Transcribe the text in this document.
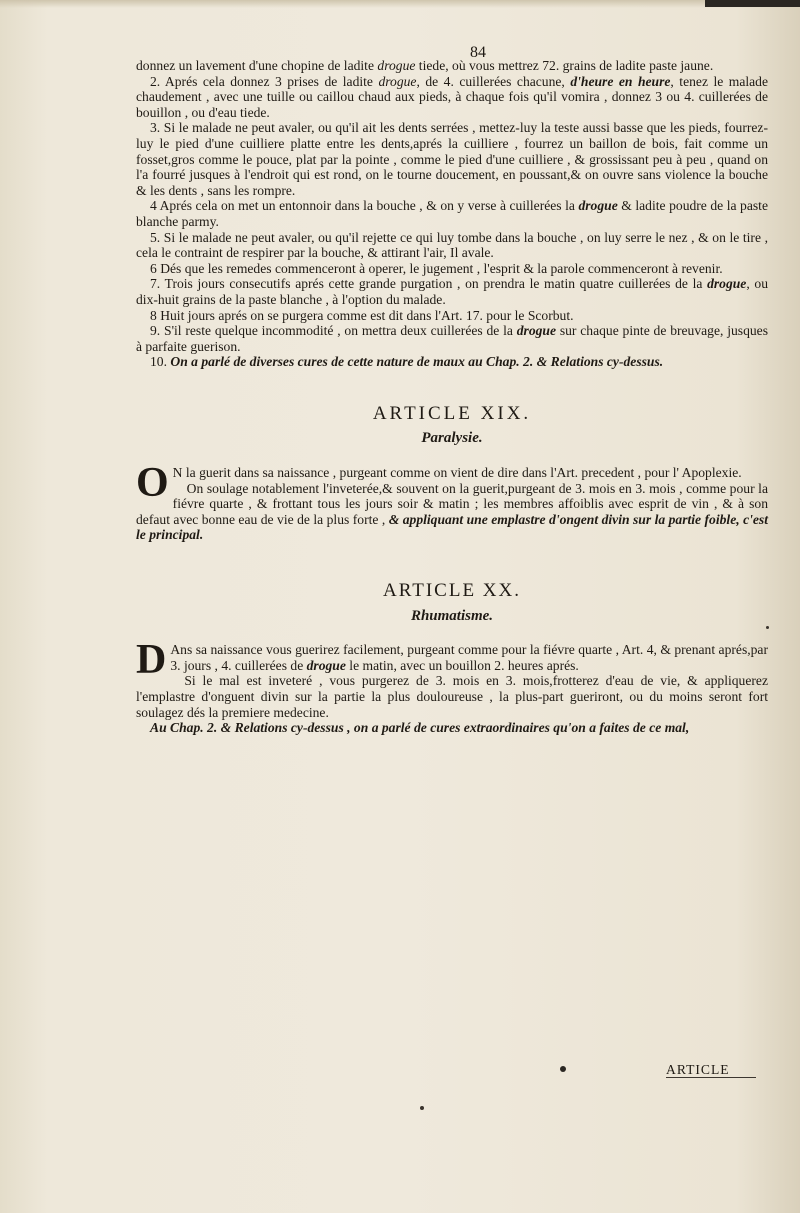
84

donnez un lavement d'une chopine de ladite drogue tiede, où vous mettrez 72. grains de ladite paste jaune.

2. Aprés cela donnez 3 prises de ladite drogue, de 4. cuillerées chacune, d'heure en heure, tenez le malade chaudement , avec une tuille ou caillou chaud aux pieds, à chaque fois qu'il vomira , donnez 3 ou 4. cuillerées de bouillon , ou d'eau tiede.

3. Si le malade ne peut avaler, ou qu'il ait les dents serrées , mettez-luy la teste aussi basse que les pieds, fourrez-luy le pied d'une cuilliere platte entre les dents,aprés la cuilliere , fourrez un baillon de bois, fait comme un fosset,gros comme le pouce, plat par la pointe , comme le pied d'une cuilliere , & grossissant peu à peu , quand on l'a fourré jusques à l'endroit qui est rond, on le tourne doucement, en poussant,& on ouvre sans violence la bouche & les dents , sans les rompre.

4 Aprés cela on met un entonnoir dans la bouche , & on y verse à cuillerées la drogue & ladite poudre de la paste blanche parmy.

5. Si le malade ne peut avaler, ou qu'il rejette ce qui luy tombe dans la bouche , on luy serre le nez , & on le tire , cela le contraint de respirer par la bouche, & attirant l'air, Il avale.

6 Dés que les remedes commenceront à operer, le jugement , l'esprit & la parole commenceront à revenir.

7. Trois jours consecutifs aprés cette grande purgation , on prendra le matin quatre cuillerées de la drogue, ou dix-huit grains de la paste blanche , à l'option du malade.

8 Huit jours aprés on se purgera comme est dit dans l'Art. 17. pour le Scorbut.

9. S'il reste quelque incommodité , on mettra deux cuillerées de la drogue sur chaque pinte de breuvage, jusques à parfaite guerison.

10. On a parlé de diverses cures de cette nature de maux au Chap. 2. & Relations cy-dessus.

ARTICLE XIX.
Paralysie.

O N la guerit dans sa naissance , purgeant comme on vient de dire dans l'Art. precedent , pour l' Apoplexie.

On soulage notablement l'inveterée,& souvent on la guerit,purgeant de 3. mois en 3. mois , comme pour la fiévre quarte , & frottant tous les jours soir & matin ; les membres affoiblis avec esprit de vin , & à son defaut avec bonne eau de vie de la plus forte , & appliquant une emplastre d'ongent divin sur la partie foible, c'est le principal.

ARTICLE XX.
Rhumatisme.

D Ans sa naissance vous guerirez facilement, purgeant comme pour la fiévre quarte , Art. 4, & prenant aprés,par 3. jours , 4. cuillerées de drogue le matin, avec un bouillon 2. heures aprés.

Si le mal est inveteré , vous purgerez de 3. mois en 3. mois,frotterez d'eau de vie, & appliquerez l'emplastre d'onguent divin sur la partie la plus douloureuse , la plus-part gueriront, ou du moins seront fort soulagez dés la premiere medecine.

Au Chap. 2. & Relations cy-dessus , on a parlé de cures extraordinaires qu'on a faites de ce mal,

ARTICLE
